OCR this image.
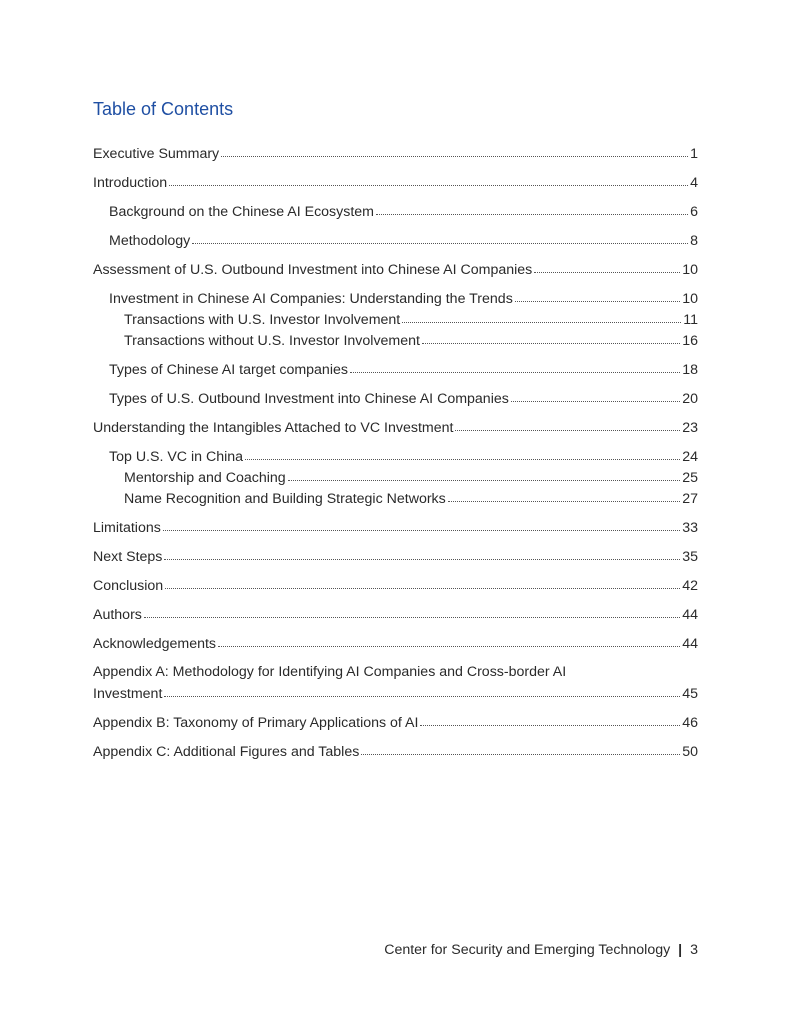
Table of Contents
Executive Summary	1
Introduction	4
Background on the Chinese AI Ecosystem	6
Methodology	8
Assessment of U.S. Outbound Investment into Chinese AI Companies	10
Investment in Chinese AI Companies: Understanding the Trends	10
Transactions with U.S. Investor Involvement	11
Transactions without U.S. Investor Involvement	16
Types of Chinese AI target companies	18
Types of U.S. Outbound Investment into Chinese AI Companies	20
Understanding the Intangibles Attached to VC Investment	23
Top U.S. VC in China	24
Mentorship and Coaching	25
Name Recognition and Building Strategic Networks	27
Limitations	33
Next Steps	35
Conclusion	42
Authors	44
Acknowledgements	44
Appendix A: Methodology for Identifying AI Companies and Cross-border AI
Investment	45
Appendix B: Taxonomy of Primary Applications of AI	46
Appendix C: Additional Figures and Tables	50
Center for Security and Emerging Technology | 3
